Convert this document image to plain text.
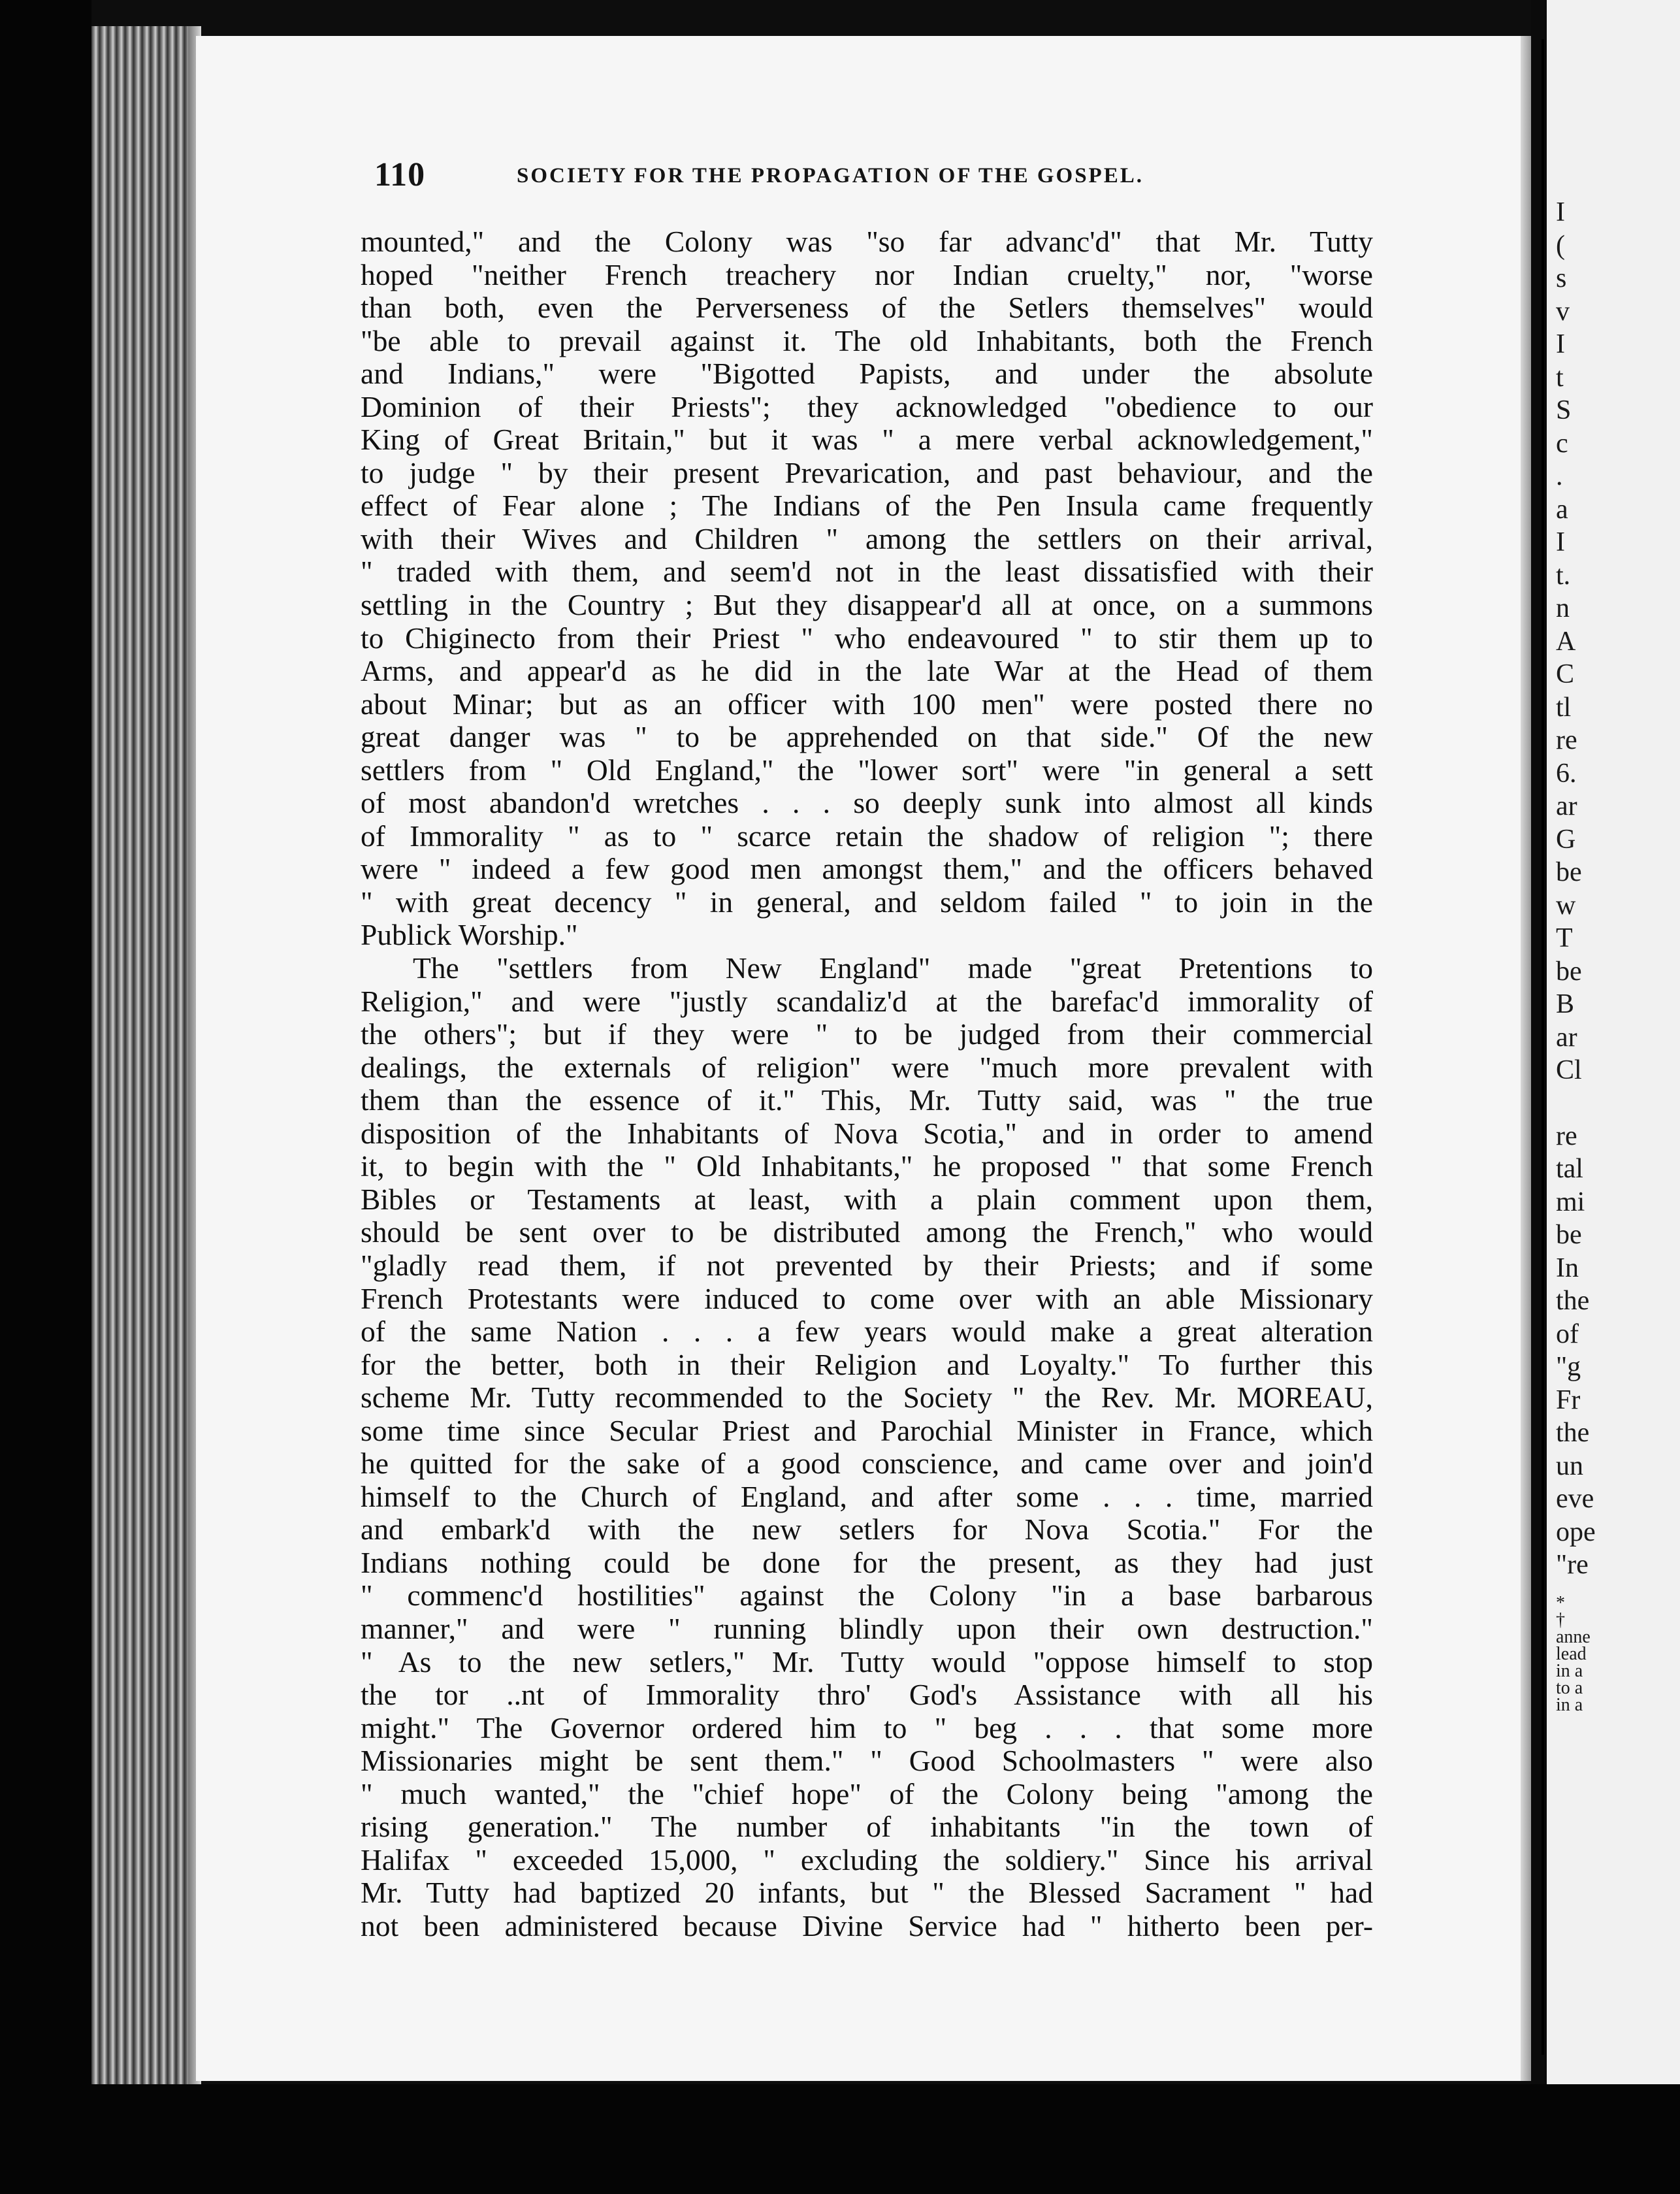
110	SOCIETY FOR THE PROPAGATION OF THE GOSPEL.
mounted," and the Colony was "so far advanc'd" that Mr. Tutty
hoped "neither French treachery nor Indian cruelty," nor, "worse
than both, even the Perverseness of the Setlers themselves" would
"be able to prevail against it. The old Inhabitants, both the French
and Indians," were "Bigotted Papists, and under the absolute
Dominion of their Priests"; they acknowledged "obedience to our
King of Great Britain," but it was " a mere verbal acknowledgement,"
to judge " by their present Prevarication, and past behaviour, and the
effect of Fear alone ; The Indians of the Pen Insula came frequently
with their Wives and Children " among the settlers on their arrival,
" traded with them, and seem'd not in the least dissatisfied with their
settling in the Country ; But they disappear'd all at once, on a summons
to Chiginecto from their Priest " who endeavoured " to stir them up to
Arms, and appear'd as he did in the late War at the Head of them
about Minar; but as an officer with 100 men" were posted there no
great danger was " to be apprehended on that side." Of the new
settlers from " Old England," the "lower sort" were "in general a sett
of most abandon'd wretches . . . so deeply sunk into almost all kinds
of Immorality " as to " scarce retain the shadow of religion "; there
were " indeed a few good men amongst them," and the officers behaved
" with great decency " in general, and seldom failed " to join in the
Publick Worship."
The "settlers from New England" made "great Pretentions to
Religion," and were "justly scandaliz'd at the barefac'd immorality of
the others"; but if they were " to be judged from their commercial
dealings, the externals of religion" were "much more prevalent with
them than the essence of it." This, Mr. Tutty said, was " the true
disposition of the Inhabitants of Nova Scotia," and in order to amend
it, to begin with the " Old Inhabitants," he proposed " that some French
Bibles or Testaments at least, with a plain comment upon them,
should be sent over to be distributed among the French," who would
"gladly read them, if not prevented by their Priests; and if some
French Protestants were induced to come over with an able Missionary
of the same Nation . . . a few years would make a great alteration
for the better, both in their Religion and Loyalty." To further this
scheme Mr. Tutty recommended to the Society " the Rev. Mr. MOREAU,
some time since Secular Priest and Parochial Minister in France, which
he quitted for the sake of a good conscience, and came over and join'd
himself to the Church of England, and after some . . . time, married
and embark'd with the new setlers for Nova Scotia." For the
Indians nothing could be done for the present, as they had just
" commenc'd hostilities" against the Colony "in a base barbarous
manner," and were " running blindly upon their own destruction."
" As to the new setlers," Mr. Tutty would "oppose himself to stop
the tor ..nt of Immorality thro' God's Assistance with all his
might." The Governor ordered him to " beg . . . that some more
Missionaries might be sent them." " Good Schoolmasters " were also
" much wanted," the "chief hope" of the Colony being "among the
rising generation." The number of inhabitants "in the town of
Halifax " exceeded 15,000, " excluding the soldiery." Since his arrival
Mr. Tutty had baptized 20 infants, but " the Blessed Sacrament " had
not been administered because Divine Service had " hitherto been per-
I
(
s
v
I
t
S
c
.
a
I
t.
n
A
C
tl
re
6.
ar
G
be
w
T
be
B
ar
Cl
re
tal
mi
be
In
the
of
"g
Fr
the
un
eve
ope
"re
*
†
anne
lead
in a
to a
in a
